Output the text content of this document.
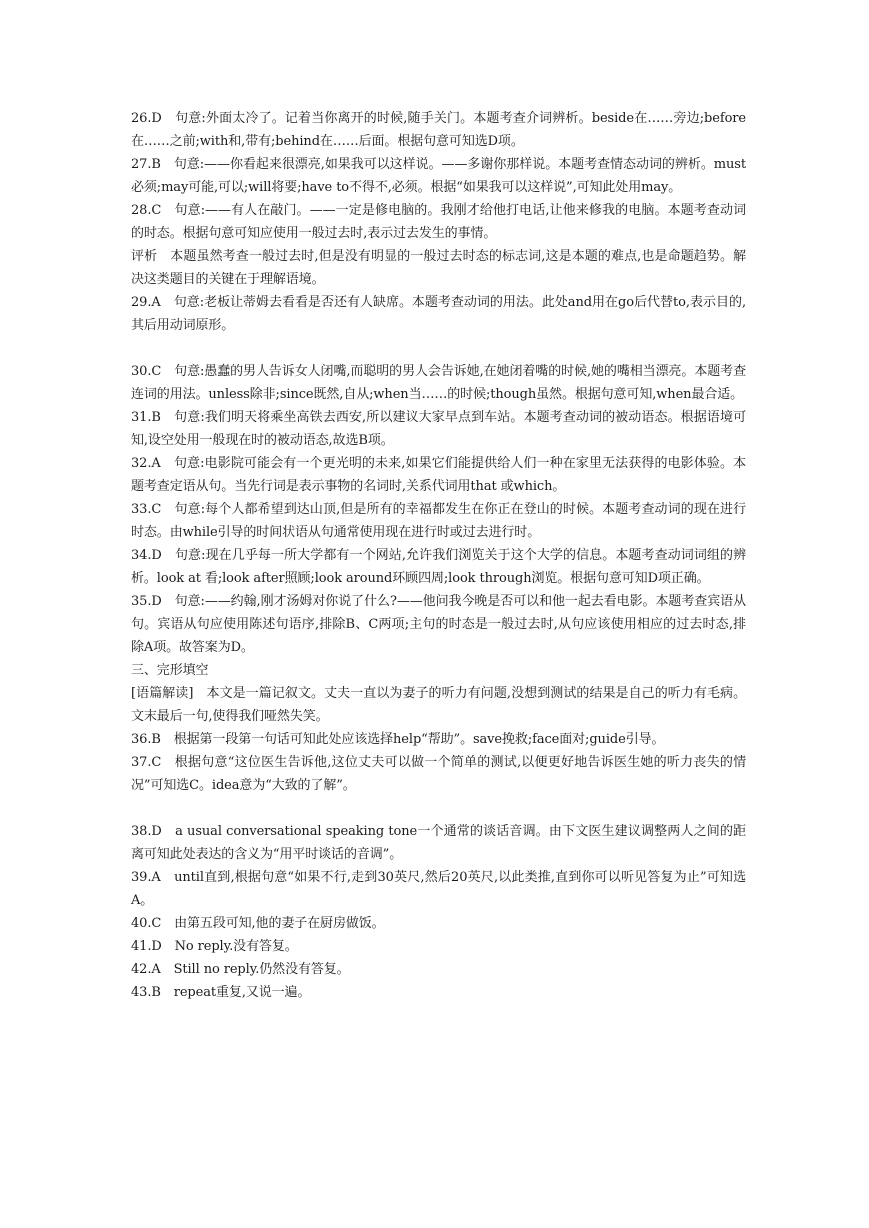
26.D　句意:外面太冷了。记着当你离开的时候,随手关门。本题考查介词辨析。beside在……旁边;before在……之前;with和,带有;behind在……后面。根据句意可知选D项。

27.B　句意:——你看起来很漂亮,如果我可以这样说。——多谢你那样说。本题考查情态动词的辨析。must必须;may可能,可以;will将要;have to不得不,必须。根据“如果我可以这样说”,可知此处用may。

28.C　句意:——有人在敲门。——一定是修电脑的。我刚才给他打电话,让他来修我的电脑。本题考查动词的时态。根据句意可知应使用一般过去时,表示过去发生的事情。

评析　本题虽然考查一般过去时,但是没有明显的一般过去时态的标志词,这是本题的难点,也是命题趋势。解决这类题目的关键在于理解语境。

29.A　句意:老板让蒂姆去看看是否还有人缺席。本题考查动词的用法。此处and用在go后代替to,表示目的,其后用动词原形。

30.C　句意:愚蠢的男人告诉女人闭嘴,而聪明的男人会告诉她,在她闭着嘴的时候,她的嘴相当漂亮。本题考查连词的用法。unless除非;since既然,自从;when当……的时候;though虽然。根据句意可知,when最合适。

31.B　句意:我们明天将乘坐高铁去西安,所以建议大家早点到车站。本题考查动词的被动语态。根据语境可知,设空处用一般现在时的被动语态,故选B项。

32.A　句意:电影院可能会有一个更光明的未来,如果它们能提供给人们一种在家里无法获得的电影体验。本题考查定语从句。当先行词是表示事物的名词时,关系代词用that 或which。

33.C　句意:每个人都希望到达山顶,但是所有的幸福都发生在你正在登山的时候。本题考查动词的现在进行时态。由while引导的时间状语从句通常使用现在进行时或过去进行时。

34.D　句意:现在几乎每一所大学都有一个网站,允许我们浏览关于这个大学的信息。本题考查动词词组的辨析。look at 看;look after照顾;look around环顾四周;look through浏览。根据句意可知D项正确。

35.D　句意:——约翰,刚才汤姆对你说了什么?——他问我今晚是否可以和他一起去看电影。本题考查宾语从句。宾语从句应使用陈述句语序,排除B、C两项;主句的时态是一般过去时,从句应该使用相应的过去时态,排除A项。故答案为D。

三、完形填空

[语篇解读]　本文是一篇记叙文。丈夫一直以为妻子的听力有问题,没想到测试的结果是自己的听力有毛病。文末最后一句,使得我们哑然失笑。

36.B　根据第一段第一句话可知此处应该选择help“帮助”。save挽救;face面对;guide引导。

37.C　根据句意“这位医生告诉他,这位丈夫可以做一个简单的测试,以便更好地告诉医生她的听力丧失的情况”可知选C。idea意为“大致的了解”。

38.D　a usual conversational speaking tone一个通常的谈话音调。由下文医生建议调整两人之间的距离可知此处表达的含义为“用平时谈话的音调”。

39.A　until直到,根据句意“如果不行,走到30英尺,然后20英尺,以此类推,直到你可以听见答复为止”可知选A。

40.C　由第五段可知,他的妻子在厨房做饭。

41.D　No reply.没有答复。

42.A　Still no reply.仍然没有答复。

43.B　repeat重复,又说一遍。
